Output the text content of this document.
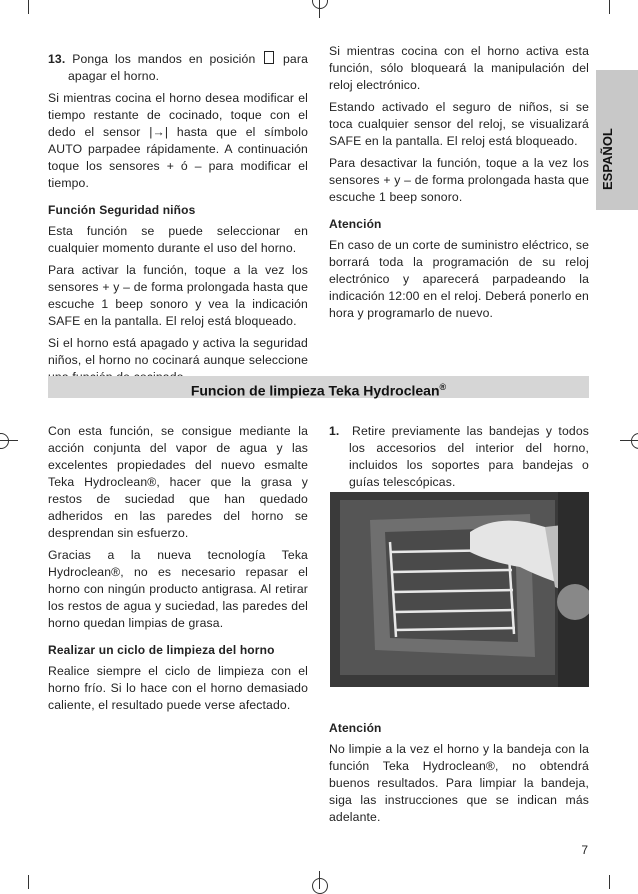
ESPAÑOL

13. Ponga los mandos en posición para apagar el horno.

Si mientras cocina el horno desea modificar el tiempo restante de cocinado, toque con el dedo el sensor |→| hasta que el símbolo AUTO parpadee rápidamente. A continuación toque los sensores + ó – para modificar el tiempo.

Función Seguridad niños

Esta función se puede seleccionar en cualquier momento durante el uso del horno.

Para activar la función, toque a la vez los sensores + y – de forma prolongada hasta que escuche 1 beep sonoro y vea la indicación SAFE en la pantalla. El reloj está bloqueado.

Si el horno está apagado y activa la seguridad niños, el horno no cocinará aunque seleccione

Si mientras cocina con el horno activa esta función, sólo bloqueará la manipulación del reloj electrónico.

Estando activado el seguro de niños, si se toca cualquier sensor del reloj, se visualizará SAFE en la pantalla. El reloj está bloqueado.

Para desactivar la función, toque a la vez los sensores + y – de forma prolongada hasta que escuche 1 beep sonoro.

Atención

En caso de un corte de suministro eléctrico, se borrará toda la programación de su reloj electrónico y aparecerá parpadeando la indicación 12:00 en el reloj. Deberá ponerlo en hora y programarlo de nuevo.

Funcion de limpieza Teka Hydroclean®

Con esta función, se consigue mediante la acción conjunta del vapor de agua y las excelentes propiedades del nuevo esmalte Teka Hydroclean®, hacer que la grasa y restos de suciedad que han quedado adheridos en las paredes del horno se desprendan sin esfuerzo.

Gracias a la nueva tecnología Teka Hydroclean®, no es necesario repasar el horno con ningún producto antigrasa. Al retirar los restos de agua y suciedad, las paredes del horno quedan limpias de grasa.

Realizar un ciclo de limpieza del horno

Realice siempre el ciclo de limpieza con el horno frío. Si lo hace con el horno demasiado caliente, el resultado puede verse afectado.

1. Retire previamente las bandejas y todos los accesorios del interior del horno, incluidos los soportes para bandejas o guías telescópicas.

Atención

No limpie a la vez el horno y la bandeja con la función Teka Hydroclean®, no obtendrá buenos resultados. Para limpiar la bandeja, siga las instrucciones que se indican más adelante.

7
